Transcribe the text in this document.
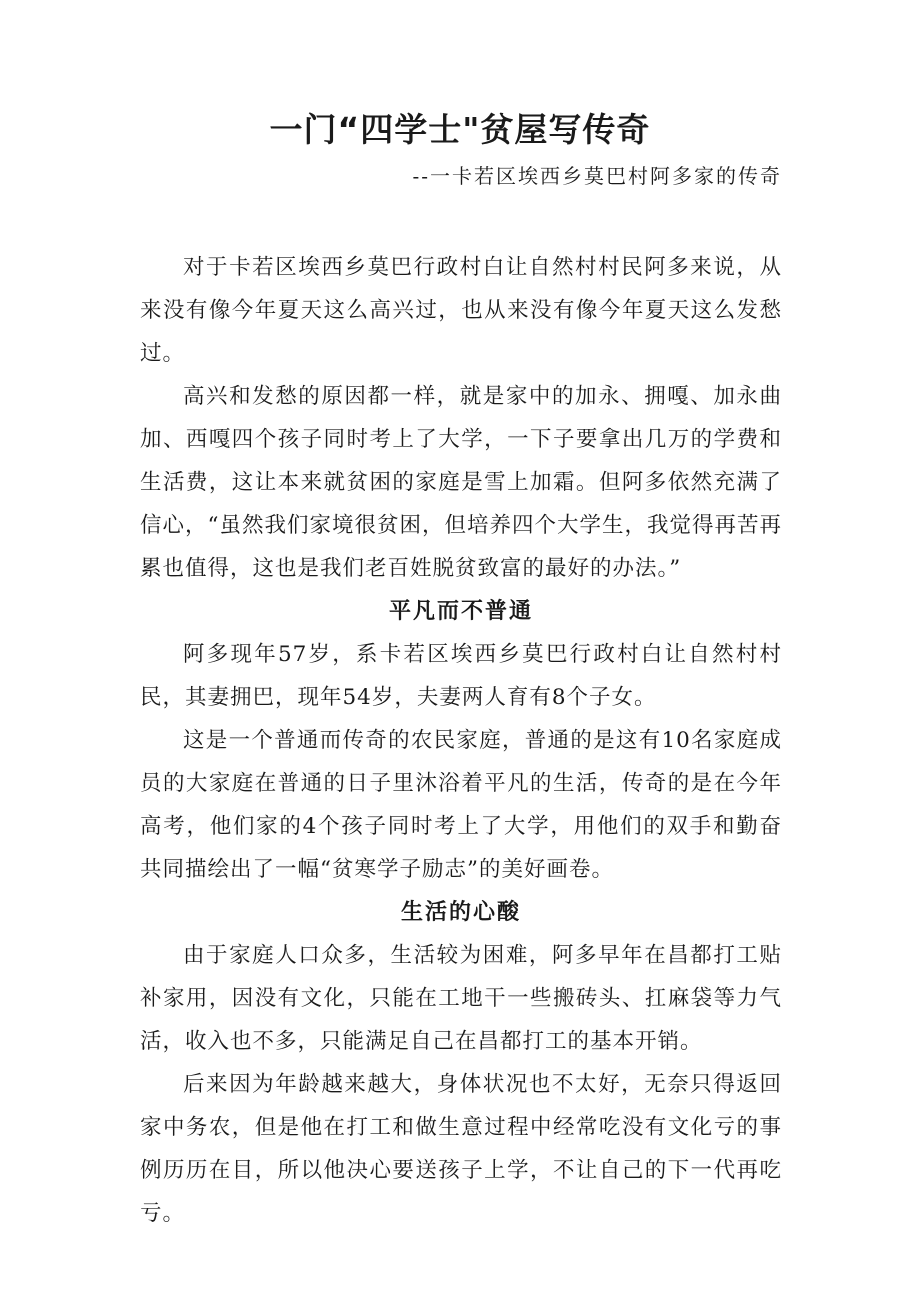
一门“四学士"贫屋写传奇

--一卡若区埃西乡莫巴村阿多家的传奇

对于卡若区埃西乡莫巴行政村白让自然村村民阿多来说，从来没有像今年夏天这么高兴过，也从来没有像今年夏天这么发愁过。

高兴和发愁的原因都一样，就是家中的加永、拥嘎、加永曲加、西嘎四个孩子同时考上了大学，一下子要拿出几万的学费和生活费，这让本来就贫困的家庭是雪上加霜。但阿多依然充满了信心，“虽然我们家境很贫困，但培养四个大学生，我觉得再苦再累也值得，这也是我们老百姓脱贫致富的最好的办法。”

平凡而不普通

阿多现年57岁，系卡若区埃西乡莫巴行政村白让自然村村民，其妻拥巴，现年54岁，夫妻两人育有8个子女。

这是一个普通而传奇的农民家庭，普通的是这有10名家庭成员的大家庭在普通的日子里沐浴着平凡的生活，传奇的是在今年高考，他们家的4个孩子同时考上了大学，用他们的双手和勤奋共同描绘出了一幅“贫寒学子励志”的美好画卷。

生活的心酸

由于家庭人口众多，生活较为困难，阿多早年在昌都打工贴补家用，因没有文化，只能在工地干一些搬砖头、扛麻袋等力气活，收入也不多，只能满足自己在昌都打工的基本开销。

后来因为年龄越来越大，身体状况也不太好，无奈只得返回家中务农，但是他在打工和做生意过程中经常吃没有文化亏的事例历历在目，所以他决心要送孩子上学，不让自己的下一代再吃亏。
